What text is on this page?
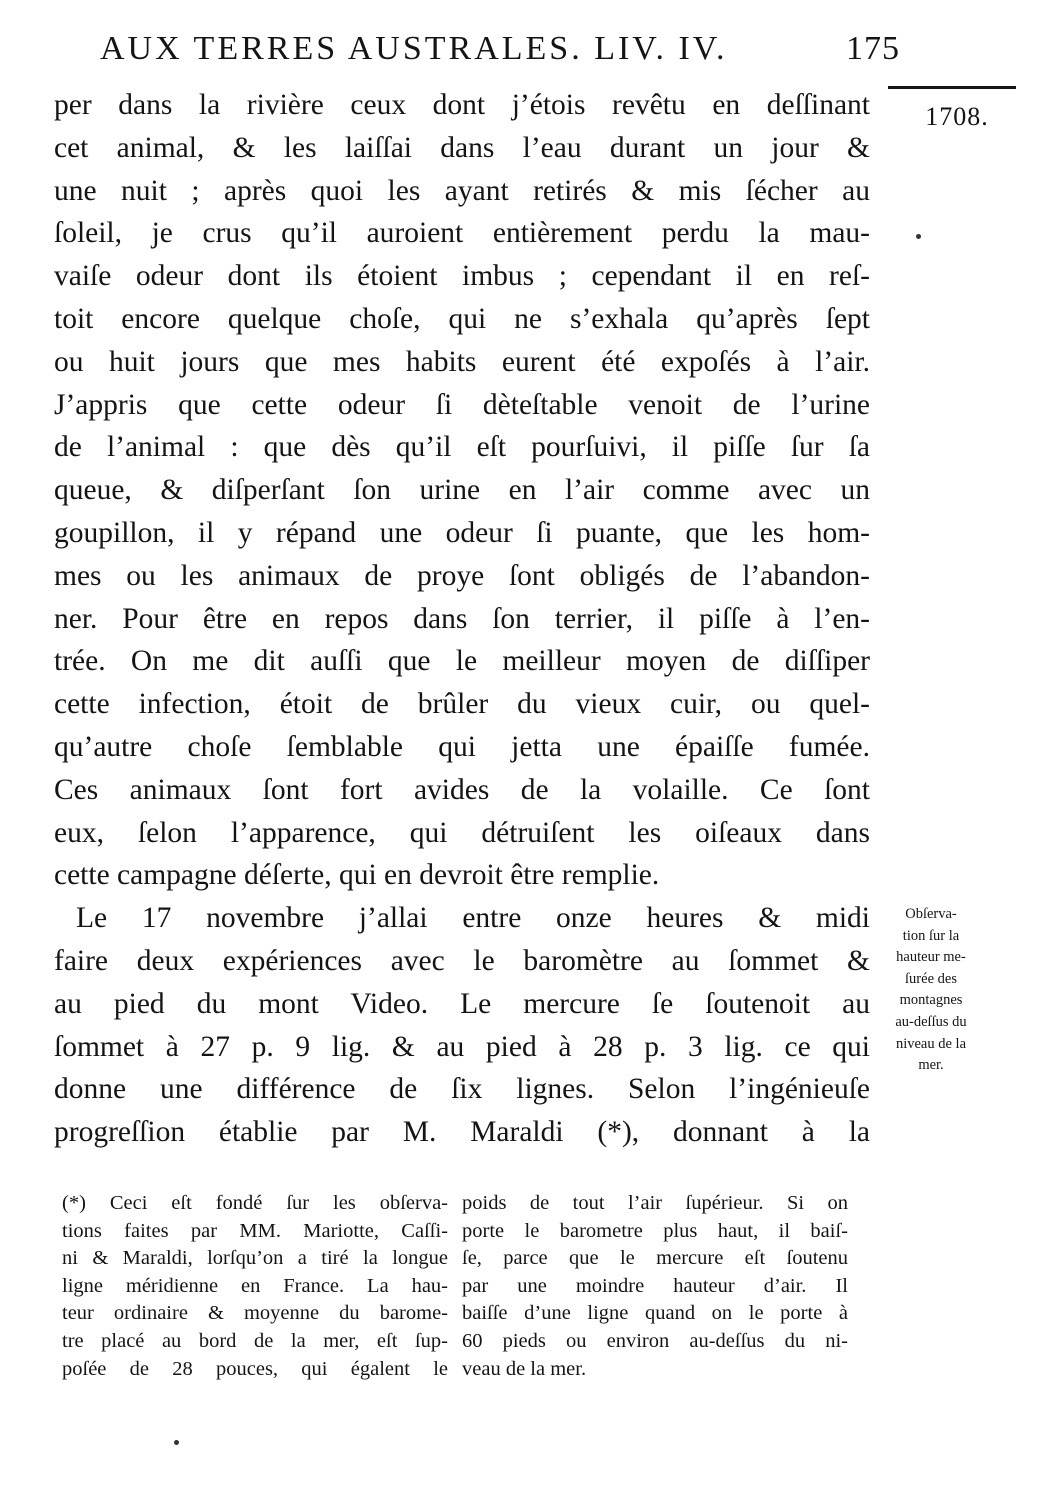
AUX TERRES AUSTRALES. LIV. IV.	175
1708.
per dans la rivière ceux dont j’étois revêtu en deſſinant
cet animal, & les laiſſai dans l’eau durant un jour &
une nuit ; après quoi les ayant retirés & mis ſécher au
ſoleil, je crus qu’il auroient entièrement perdu la mau-
vaiſe odeur dont ils étoient imbus ; cependant il en reſ-
toit encore quelque choſe, qui ne s’exhala qu’après ſept
ou huit jours que mes habits eurent été expoſés à l’air.
J’appris que cette odeur ſi dèteſtable venoit de l’urine
de l’animal : que dès qu’il eſt pourſuivi, il piſſe ſur ſa
queue, & diſperſant ſon urine en l’air comme avec un
goupillon, il y répand une odeur ſi puante, que les hom-
mes ou les animaux de proye ſont obligés de l’abandon-
ner. Pour être en repos dans ſon terrier, il piſſe à l’en-
trée. On me dit auſſi que le meilleur moyen de diſſiper
cette infection, étoit de brûler du vieux cuir, ou quel-
qu’autre choſe ſemblable qui jetta une épaiſſe fumée.
Ces animaux ſont fort avides de la volaille. Ce ſont
eux, ſelon l’apparence, qui détruiſent les oiſeaux dans
cette campagne déſerte, qui en devroit être remplie.
Le 17 novembre j’allai entre onze heures & midi
faire deux expériences avec le baromètre au ſommet &
au pied du mont Video. Le mercure ſe ſoutenoit au
ſommet à 27 p. 9 lig. & au pied à 28 p. 3 lig. ce qui
donne une différence de ſix lignes. Selon l’ingénieuſe
progreſſion établie par M. Maraldi (*), donnant à la
Obſerva-
tion ſur la
hauteur me-
ſurée des
montagnes
au-deſſus du
niveau de la
mer.
(*) Ceci eſt fondé ſur les obſerva-
tions faites par MM. Mariotte, Caſſi-
ni & Maraldi, lorſqu’on a tiré la longue
ligne méridienne en France. La hau-
teur ordinaire & moyenne du barome-
tre placé au bord de la mer, eſt ſup-
poſée de 28 pouces, qui égalent le
poids de tout l’air ſupérieur. Si on
porte le barometre plus haut, il baiſ-
ſe, parce que le mercure eſt ſoutenu
par une moindre hauteur d’air. Il
baiſſe d’une ligne quand on le porte à
60 pieds ou environ au-deſſus du ni-
veau de la mer.
